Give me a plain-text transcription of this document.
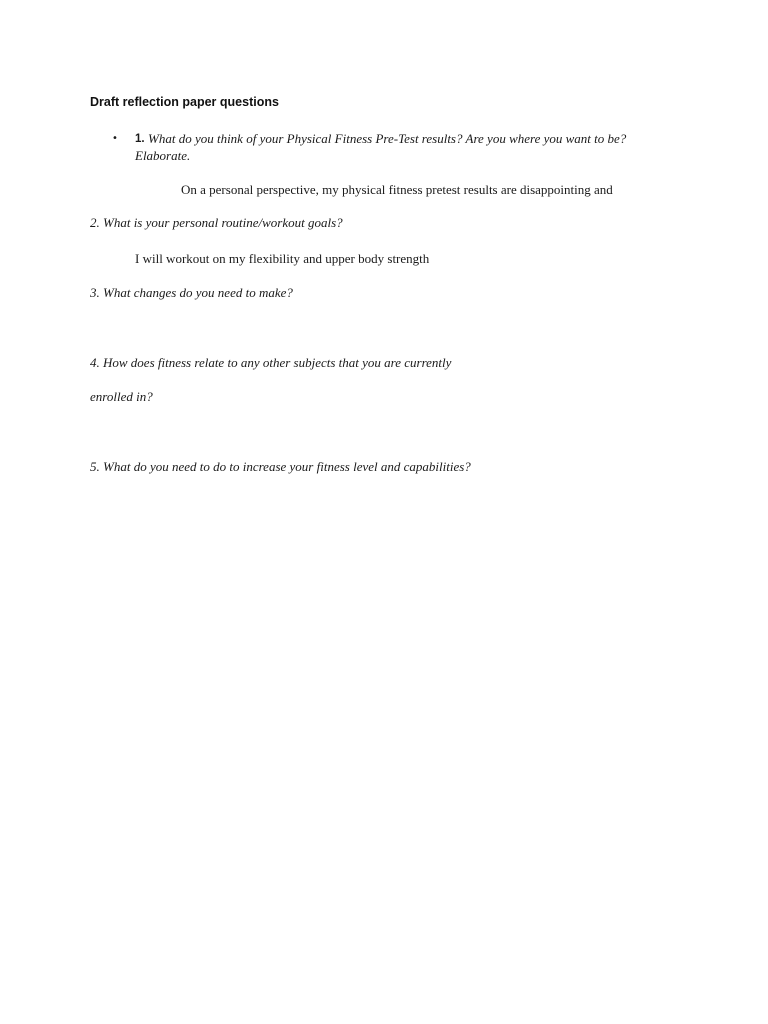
Draft reflection paper questions
• 1. What do you think of your Physical Fitness Pre-Test results? Are you where you want to be?
Elaborate.
On a personal perspective, my physical fitness pretest results are disappointing and
2. What is your personal routine/workout goals?
I will workout on my flexibility and upper body strength
3. What changes do you need to make?
4. How does fitness relate to any other subjects that you are currently
enrolled in?
5. What do you need to do to increase your fitness level and capabilities?
